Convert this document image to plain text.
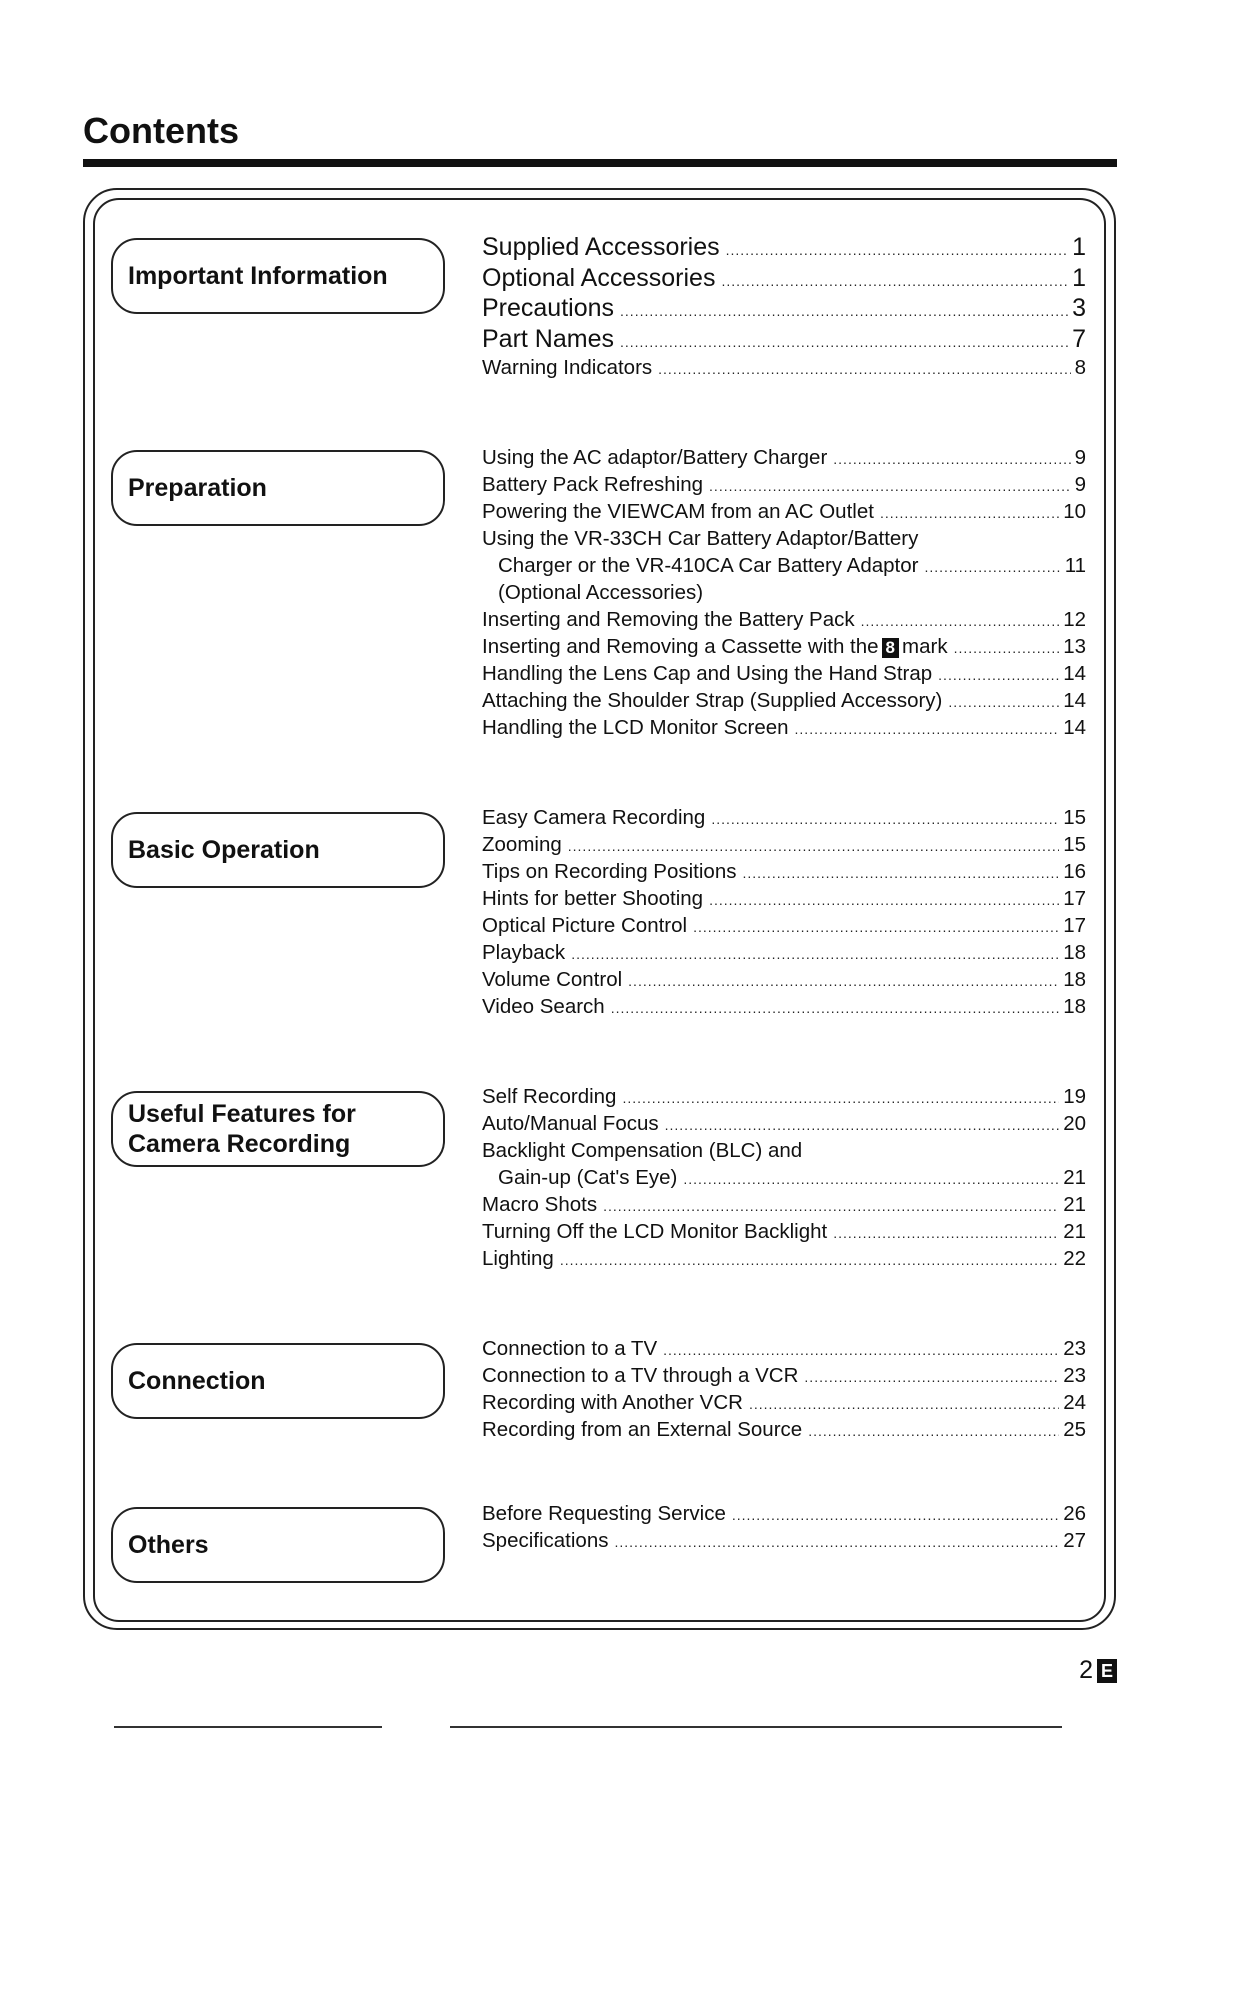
Contents
Important Information
Supplied Accessories .....	1
Optional Accessories .....	1
Precautions .....	3
Part Names .....	7
Warning Indicators .....	8
Preparation
Using the AC adaptor/Battery Charger .....	9
Battery Pack Refreshing .....	9
Powering the VIEWCAM from an AC Outlet .....	10
Using the VR-33CH Car Battery Adaptor/Battery
Charger or the VR-410CA Car Battery Adaptor .....	11
(Optional Accessories)
Inserting and Removing the Battery Pack .....	12
Inserting and Removing a Cassette with the 8 mark .....	13
Handling the Lens Cap and Using the Hand Strap .....	14
Attaching the Shoulder Strap (Supplied Accessory) .....	14
Handling the LCD Monitor Screen .....	14
Basic Operation
Easy Camera Recording .....	15
Zooming .....	15
Tips on Recording Positions .....	16
Hints for better Shooting .....	17
Optical Picture Control .....	17
Playback .....	18
Volume Control .....	18
Video Search .....	18
Useful Features for
Camera Recording
Self Recording .....	19
Auto/Manual Focus .....	20
Backlight Compensation (BLC) and
Gain-up (Cat's Eye) .....	21
Macro Shots .....	21
Turning Off the LCD Monitor Backlight .....	21
Lighting .....	22
Connection
Connection to a TV .....	23
Connection to a TV through a VCR .....	23
Recording with Another VCR .....	24
Recording from an External Source .....	25
Others
Before Requesting Service .....	26
Specifications .....	27
2 E
